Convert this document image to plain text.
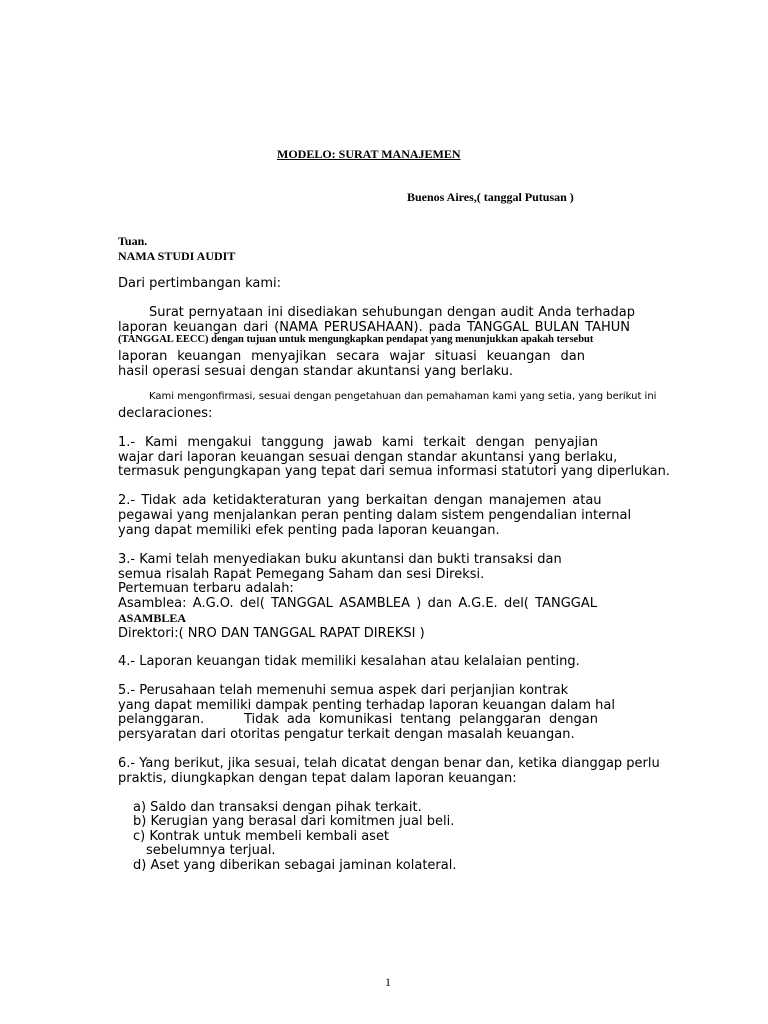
MODELO: SURAT MANAJEMEN
Buenos Aires,( tanggal Putusan )
Tuan.
NAMA STUDI AUDIT
Dari pertimbangan kami:
Surat pernyataan ini disediakan sehubungan dengan audit Anda terhadap
laporan keuangan dari (NAMA PERUSAHAAN). pada TANGGAL BULAN TAHUN
(TANGGAL EECC) dengan tujuan untuk mengungkapkan pendapat yang menunjukkan apakah tersebut
laporan keuangan menyajikan secara wajar situasi keuangan dan
hasil operasi sesuai dengan standar akuntansi yang berlaku.
Kami mengonfirmasi, sesuai dengan pengetahuan dan pemahaman kami yang setia, yang berikut ini
declaraciones:
1.- Kami mengakui tanggung jawab kami terkait dengan penyajian
wajar dari laporan keuangan sesuai dengan standar akuntansi yang berlaku,
termasuk pengungkapan yang tepat dari semua informasi statutori yang diperlukan.
2.- Tidak ada ketidakteraturan yang berkaitan dengan manajemen atau
pegawai yang menjalankan peran penting dalam sistem pengendalian internal
yang dapat memiliki efek penting pada laporan keuangan.
3.- Kami telah menyediakan buku akuntansi dan bukti transaksi dan
semua risalah Rapat Pemegang Saham dan sesi Direksi.
Pertemuan terbaru adalah:
Asamblea: A.G.O. del( TANGGAL ASAMBLEA ) dan A.G.E. del( TANGGAL
ASAMBLEA
Direktori:( NRO DAN TANGGAL RAPAT DIREKSI )
4.- Laporan keuangan tidak memiliki kesalahan atau kelalaian penting.
5.- Perusahaan telah memenuhi semua aspek dari perjanjian kontrak
yang dapat memiliki dampak penting terhadap laporan keuangan dalam hal
pelanggaran.	Tidak ada komunikasi tentang pelanggaran dengan
persyaratan dari otoritas pengatur terkait dengan masalah keuangan.
6.- Yang berikut, jika sesuai, telah dicatat dengan benar dan, ketika dianggap perlu
praktis, diungkapkan dengan tepat dalam laporan keuangan:
a) Saldo dan transaksi dengan pihak terkait.
b) Kerugian yang berasal dari komitmen jual beli.
c) Kontrak untuk membeli kembali aset
sebelumnya terjual.
d) Aset yang diberikan sebagai jaminan kolateral.
1
